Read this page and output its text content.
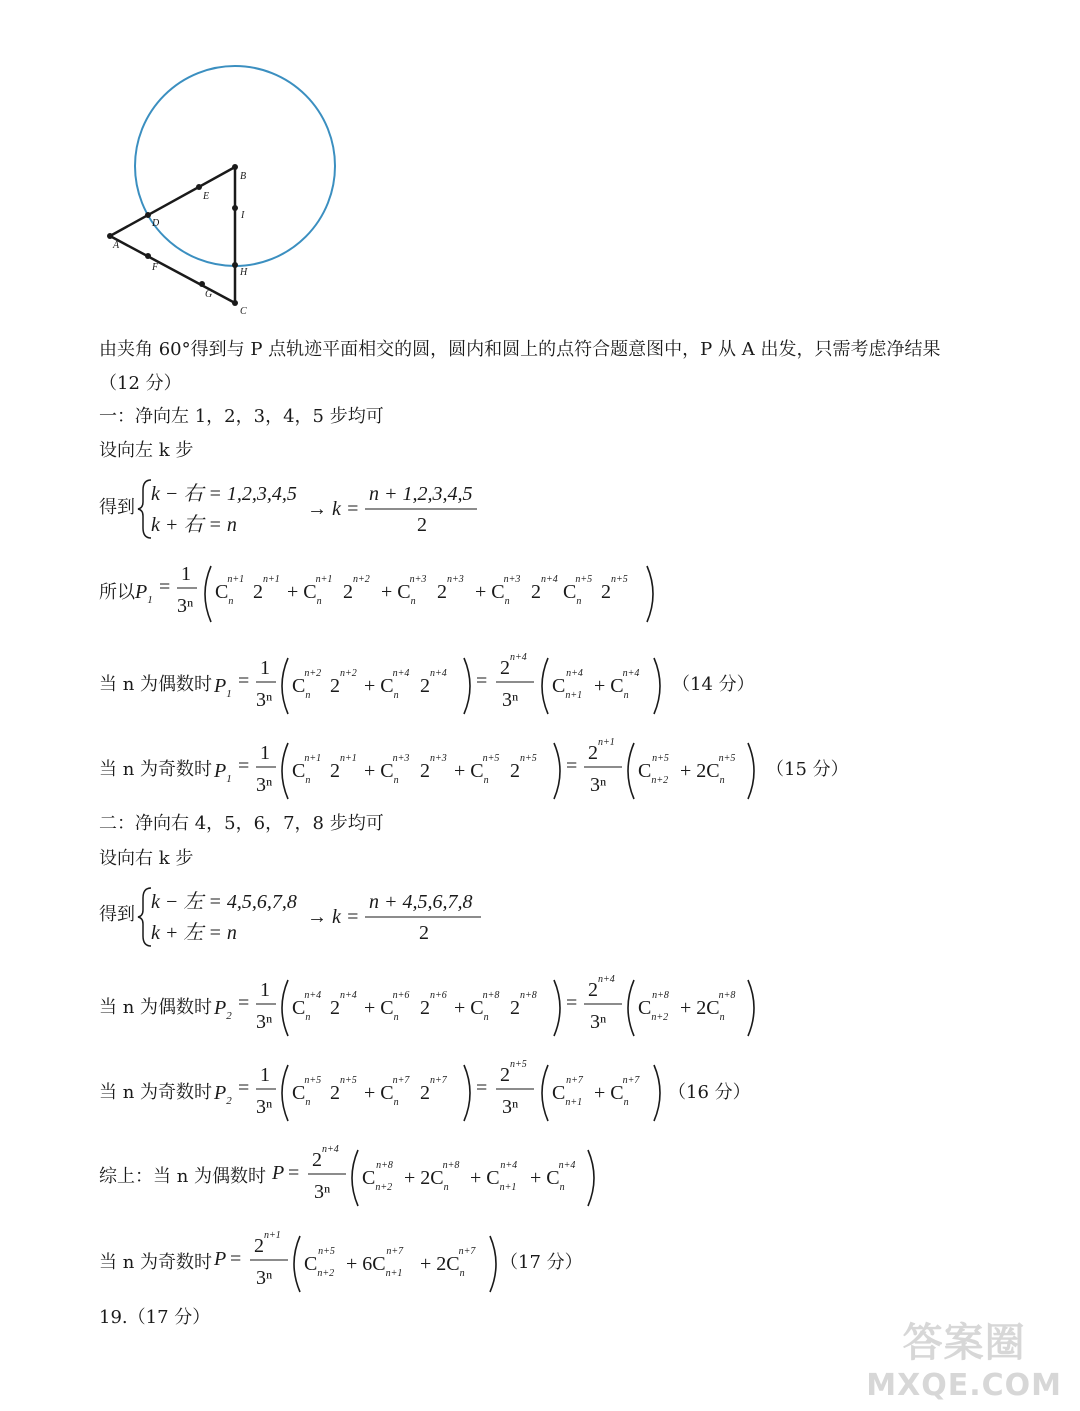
A
B
C
D
E
F
G
H
I
由夹角 60°得到与 P 点轨迹平面相交的圆，圆内和圆上的点符合题意图中，P 从 A 出发，只需考虑净结果
（12 分）
一：净向左 1，2，3，4，5 步均可
设向左 k 步
得到
k − 右 = 1,2,3,4,5
k + 右 = n
→ k =
n + 1,2,3,4,5
2
所以 $P_1$
=
1
3ⁿ
$C_nn+1$
$2^{n+1}$
+ $C_nn+1$
$2^{n+2}$
+ $C_nn+3$
$2^{n+3}$
+ $C_nn+3$
$2^{n+4}$
$C_nn+5$
$2^{n+5}$
当 n 为偶数时 $P_1$
=
1
3ⁿ
$C_nn+2$
$2^{n+2}$
+ $C_nn+4$
$2^{n+4}$ =
$2^{n+4}$
3ⁿ
$C_{n+1}n+4$
+ $C_nn+4$
（14 分）
当 n 为奇数时 $P_1$
=
1
3ⁿ
$C_nn+1$
$2^{n+1}$
+ $C_nn+3$
$2^{n+3}$
+ $C_nn+5$
$2^{n+5}$ =
$2^{n+1}$
3ⁿ
$C_{n+2}n+5$
+ $2C_nn+5$
（15 分）
二：净向右 4，5，6，7，8 步均可
设向右 k 步
得到
k − 左 = 4,5,6,7,8
k + 左 = n
→ k =
n + 4,5,6,7,8
2
当 n 为偶数时 $P_2$
=
1
3ⁿ
$C_nn+4$
$2^{n+4}$
+ $C_nn+6$
$2^{n+6}$
+ $C_nn+8$
$2^{n+8}$ =
$2^{n+4}$
3ⁿ
$C_{n+2}n+8$
+ $2C_nn+8$
当 n 为奇数时 $P_2$
=
1
3ⁿ
$C_nn+5$
$2^{n+5}$
+ $C_nn+7$
$2^{n+7}$ =
$2^{n+5}$
3ⁿ
$C_{n+1}n+7$
+ $C_nn+7$
（16 分）
综上：当 n 为偶数时 P =
$2^{n+4}$
3ⁿ
$C_{n+2}n+8$
+ $2C_nn+8$
+ $C_{n+1}n+4$
+ $C_nn+4$
当 n 为奇数时 P =
$2^{n+1}$
3ⁿ
$C_{n+2}n+5$
+ $6C_{n+1}n+7$
+ $2C_nn+7$
（17 分）
19.（17 分）
答案圈
MXQE.COM
